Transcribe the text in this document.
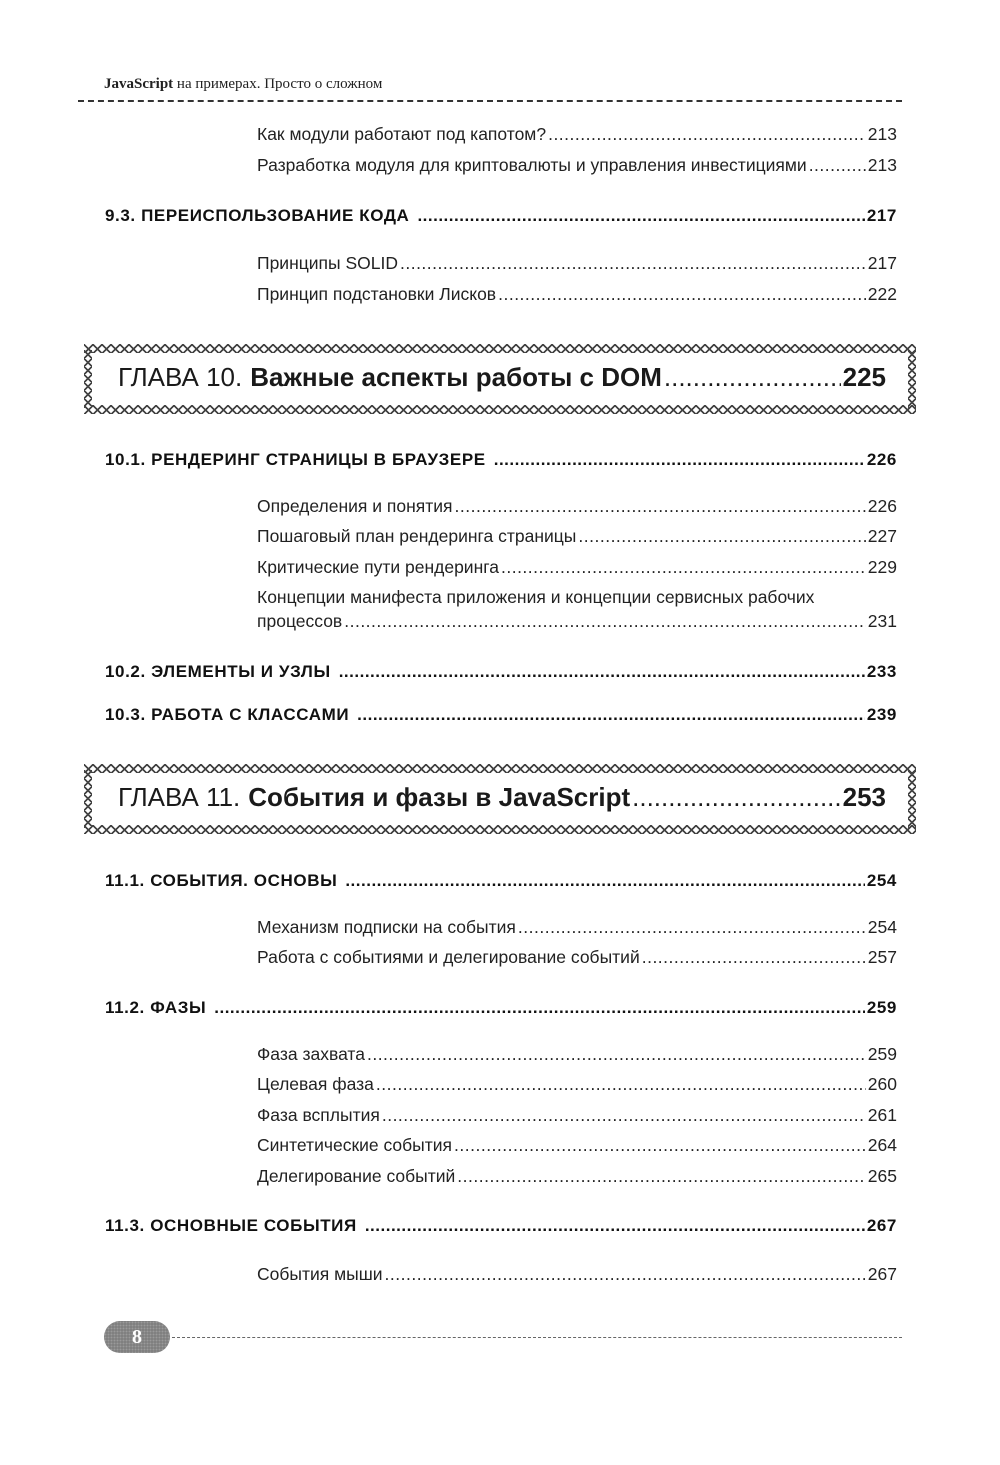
JavaScript на примерах. Просто о сложном
Как модули работают под капотом? .....	213
Разработка модуля для криптовалюты и управления инвестициями .....	213
9.3. ПЕРЕИСПОЛЬЗОВАНИЕ КОДА .....	217
Принципы SOLID .....	217
Принцип подстановки Лисков .....	222
ГЛАВА 10. Важные аспекты работы с DOM .....	225
10.1. РЕНДЕРИНГ СТРАНИЦЫ В БРАУЗЕРЕ .....	226
Определения и понятия .....	226
Пошаговый план рендеринга страницы .....	227
Критические пути рендеринга .....	229
Концепции манифеста приложения и концепции сервисных рабочих
процессов .....	231
10.2. ЭЛЕМЕНТЫ И УЗЛЫ .....	233
10.3. РАБОТА С КЛАССАМИ .....	239
ГЛАВА 11. События и фазы в JavaScript .....	253
11.1. СОБЫТИЯ. ОСНОВЫ .....	254
Механизм подписки на события .....	254
Работа с событиями и делегирование событий .....	257
11.2. ФАЗЫ .....	259
Фаза захвата .....	259
Целевая фаза .....	260
Фаза всплытия .....	261
Синтетические события .....	264
Делегирование событий .....	265
11.3. ОСНОВНЫЕ СОБЫТИЯ .....	267
События мыши .....	267
8
